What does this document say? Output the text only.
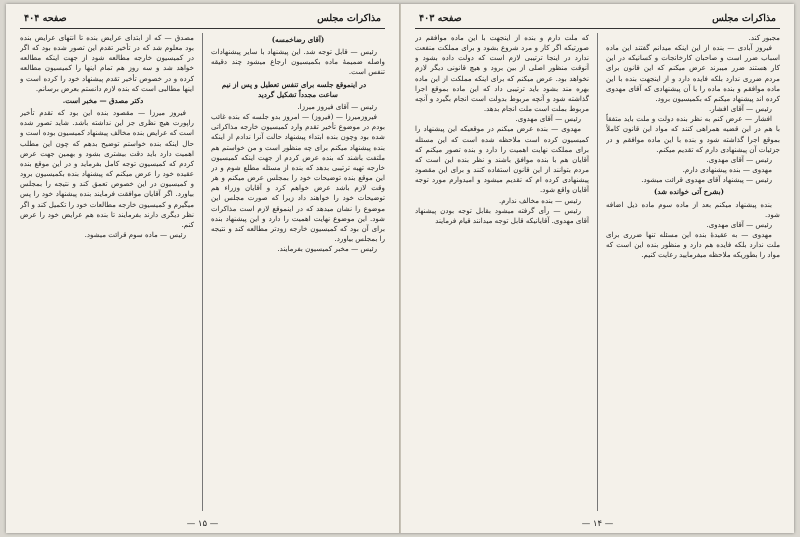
مذاکرات مجلس
صفحه ۴۰۴

(آقاى رضاخمسه)

رئیس — قابل توجه شد. این پیشنهاد با سایر پیشنهادات واصله ضمیمهٔ ماده بکمیسیون ارجاع میشود چند دقیقه تنفس است.

در اینموقع جلسه برای تنفس تعطیل و پس از نیم ساعت مجدداً تشکیل گردید

رئیس — آقای فیروز میرزا.

فیروزمیرزا — (فیروز) — امروز بدو جلسه که بنده غائب بودم در موضوع تأخیر تقدم وارد کمیسیون خارجه مذاکراتی شده بود وچون بنده ابتداء پیشنهاد حالت آنرا ندادم از اینکه بنده پیشنهاد میکنم برای چه منظور است و من خواستم هم ملتفت باشند که بنده عرض کردم از جهت اینکه کمیسیون خارجه تهیه ترتیبی بدهد که بنده از مسئله مطلع شوم و در این موقع بنده توضیحات خود را بمجلس عرض میکنم و هر وقت لازم باشد عرض خواهم کرد و آقایان وزراء هم توضیحات خود را خواهند داد زیرا که صورت مجلس این موضوع را نشان میدهد که در اینموقع لازم است مذاکرات شود. این موضوع نهایت اهمیت را دارد و این پیشنهاد بنده برای آن بود که کمیسیون خارجه زودتر مطالعه کند و نتیجه را بمجلس بیاورد.

رئیس — مخبر کمیسیون بفرمایند.

مصدق — که از ابتدای عرایض بنده تا انتهای عرایض بنده بود معلوم شد که در تأخیر تقدم این تصور شده بود که اگر در کمیسیون خارجه مطالعه شود از جهت اینکه مطالعه خواهد شد و سه روز هم تمام اینها را کمیسیون مطالعه کرده و در خصوص تأخیر تقدم پیشنهاد خود را کرده است و اینها مطالبی است که بنده لازم دانستم بعرض برسانم.

دکتر مصدق — مخبر است.

فیروز میرزا — مقصود بنده این بود که تقدم تأخیر راپورت هیچ نظری جز این نداشته باشد. شاید تصور شده است که عرایض بنده مخالف پیشنهاد کمیسیون بوده است و حال اینکه بنده خواستم توضیح بدهم که چون این مطلب اهمیت دارد باید دقت بیشتری بشود و بهمین جهت عرض کردم که کمیسیون توجه کامل بفرماید و در این موقع بنده عقیده خود را عرض میکنم که پیشنهاد بنده بکمیسیون برود و کمیسیون در این خصوص تعمق کند و نتیجه را بمجلس بیاورد. اگر آقایان موافقت فرمایند بنده پیشنهاد خود را پس میگیرم و کمیسیون خارجه مطالعات خود را تکمیل کند و اگر نظر دیگری دارند بفرمایند تا بنده هم عرایض خود را عرض کنم.

رئیس — ماده سوم قرائت میشود.

— ۱۵ —
مذاکرات مجلس
صفحه ۴۰۳

مجبور کند.

فیروز آبادی — بنده از این اینکه میدانم گفتند این ماده اسباب ضرر است و صاحبان کارخانجات و کسانیکه در این کار هستند ضرر میبرند عرض میکنم که این قانون برای مردم ضرری ندارد بلکه فایده دارد و از اینجهت بنده با این ماده موافقم و بنده ماده را با آن پیشنهادی که آقای مهدوی کرده اند پیشنهاد میکنم که بکمیسیون برود.

رئیس — آقای افشار.

افشار — عرض کنم به نظر بنده دولت و ملت باید متفقاً با هم در این قضیه همراهی کنند که مواد این قانون کاملاً بموقع اجرا گذاشته شود و بنده با این ماده موافقم و در جزئیات آن پیشنهادی دارم که تقدیم میکنم.

رئیس — آقای مهدوی.

مهدوی — بنده پیشنهادی دارم.

رئیس — پیشنهاد آقای مهدوی قرائت میشود.

(بشرح آتی خوانده شد)

بنده پیشنهاد میکنم بعد از ماده سوم ماده ذیل اضافه شود.

رئیس — آقای مهدوی.

مهدوی — به عقیدهٔ بنده این مسئله تنها ضرری برای ملت ندارد بلکه فایده هم دارد و منظور بنده این است که مواد را بطوریکه ملاحظه میفرمایید رعایت کنیم.

که ملت دارم و بنده از اینجهت با این ماده موافقم در صورتیکه اگر کار و مرد شروع بشود و برای مملکت منفعت ندارد در اینجا ترتیبی لازم است که دولت داده بشود و آنوقت منظور اصلی از بین برود و هیچ قانونی دیگر لازم نخواهد بود. عرض میکنم که برای اینکه مملکت از این ماده بهره مند بشود باید ترتیبی داد که این ماده بموقع اجرا گذاشته شود و آنچه مربوط بدولت است انجام بگیرد و آنچه مربوط بملت است ملت انجام بدهد.

رئیس — آقای مهدوی.

مهدوی — بنده عرض میکنم در موقعیکه این پیشنهاد را کمیسیون کرده است ملاحظه شده است که این مسئله برای مملکت نهایت اهمیت را دارد و بنده تصور میکنم که آقایان هم با بنده موافق باشند و نظر بنده این است که مردم بتوانند از این قانون استفاده کنند و برای این مقصود پیشنهادی کرده ام که تقدیم میشود و امیدوارم مورد توجه آقایان واقع شود.

رئیس — بنده مخالف ندارم.

رئیس — رأی گرفته میشود بقابل توجه بودن پیشنهاد آقای مهدوی. آقایانیکه قابل توجه میدانند قیام فرمایند

— ۱۴ —
